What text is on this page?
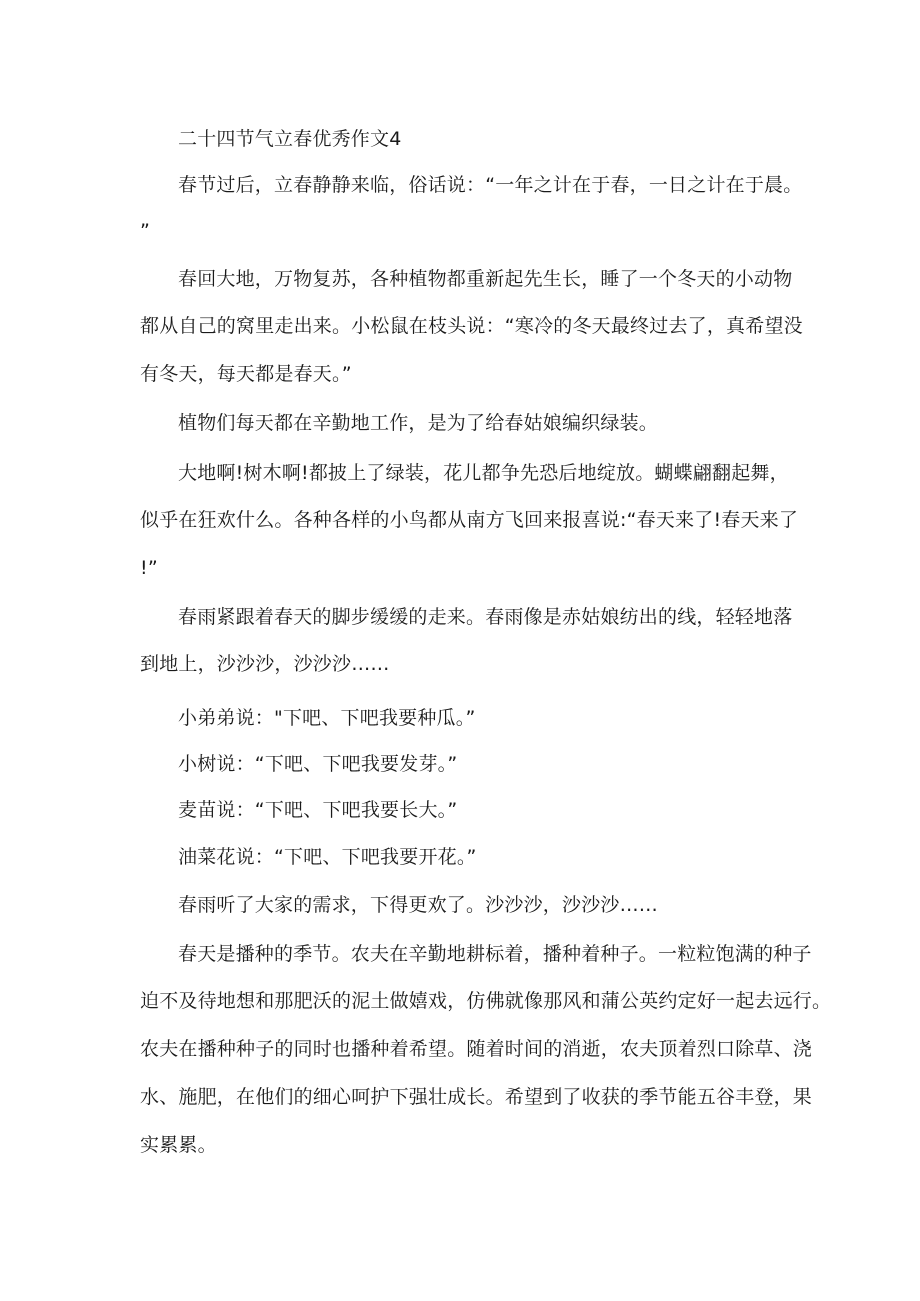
二十四节气立春优秀作文4
春节过后，立春静静来临，俗话说：“一年之计在于春，一日之计在于晨。
”
春回大地，万物复苏，各种植物都重新起先生长，睡了一个冬天的小动物
都从自己的窝里走出来。小松鼠在枝头说：“寒冷的冬天最终过去了，真希望没
有冬天，每天都是春天。”
植物们每天都在辛勤地工作，是为了给春姑娘编织绿装。
大地啊!树木啊!都披上了绿装，花儿都争先恐后地绽放。蝴蝶翩翻起舞，
似乎在狂欢什么。各种各样的小鸟都从南方飞回来报喜说:“春天来了!春天来了
!”
春雨紧跟着春天的脚步缓缓的走来。春雨像是赤姑娘纺出的线，轻轻地落
到地上，沙沙沙，沙沙沙……
小弟弟说："下吧、下吧我要种瓜。”
小树说：“下吧、下吧我要发芽。”
麦苗说：“下吧、下吧我要长大。”
油菜花说：“下吧、下吧我要开花。”
春雨听了大家的需求，下得更欢了。沙沙沙，沙沙沙……
春天是播种的季节。农夫在辛勤地耕标着，播种着种子。一粒粒饱满的种子
迫不及待地想和那肥沃的泥土做嬉戏，仿佛就像那风和蒲公英约定好一起去远行。
农夫在播种种子的同时也播种着希望。随着时间的消逝，农夫顶着烈口除草、浇
水、施肥，在他们的细心呵护下强壮成长。希望到了收获的季节能五谷丰登，果
实累累。
